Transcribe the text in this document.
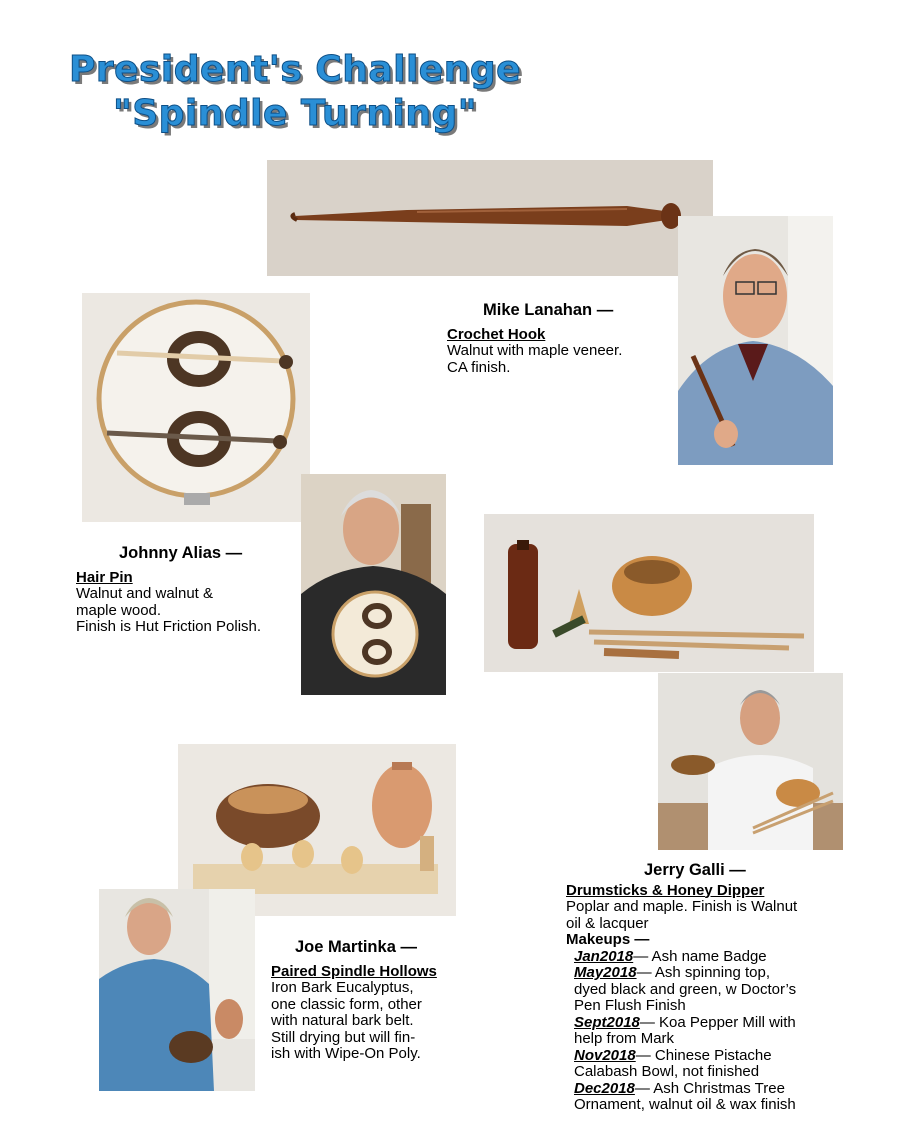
President's Challenge
"Spindle Turning"

Mike Lanahan —

Crochet Hook

Walnut with maple veneer.

CA finish.

Johnny Alias —

Hair Pin

Walnut and walnut &

maple wood.

Finish is Hut Friction Polish.

Jerry Galli —

Drumsticks & Honey Dipper

Poplar and maple. Finish is Walnut

oil & lacquer

Makeups —

Jan2018— Ash name Badge

May2018— Ash spinning top,

dyed black and green, w Doctor’s

Pen Flush Finish

Sept2018— Koa Pepper Mill with

help from Mark

Nov2018— Chinese Pistache

Calabash Bowl, not finished

Dec2018— Ash Christmas Tree

Ornament, walnut oil & wax finish

Joe Martinka —

Paired Spindle Hollows

Iron Bark Eucalyptus,

one classic form, other

with natural bark belt.

Still drying but will fin-

ish with Wipe-On Poly.
